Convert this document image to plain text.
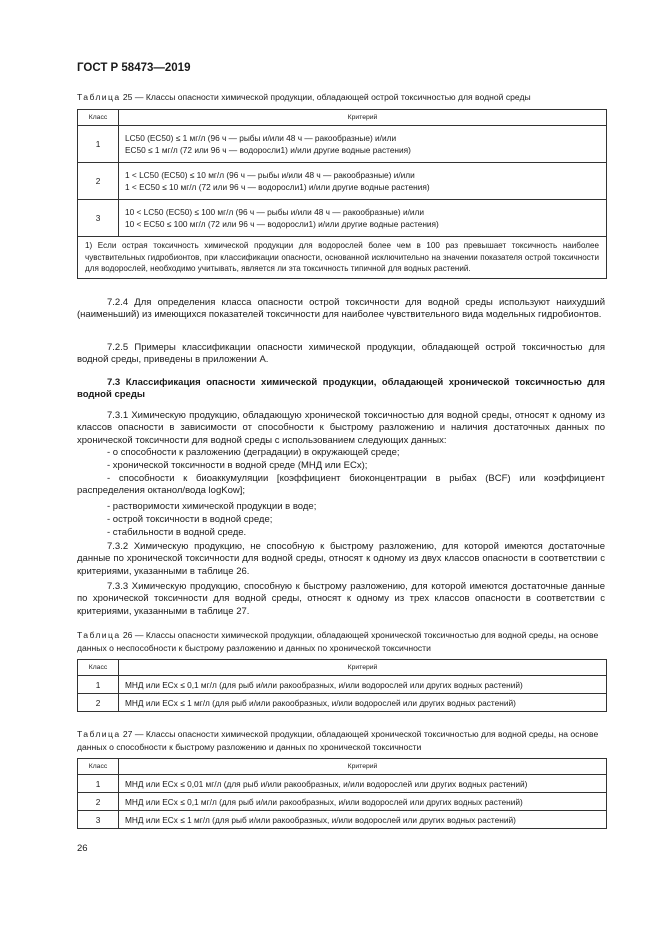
ГОСТ Р 58473—2019
Таблица 25 — Классы опасности химической продукции, обладающей острой токсичностью для водной среды
Класс	Критерий
1	LC50 (EC50) ≤ 1 мг/л (96 ч — рыбы и/или 48 ч — ракообразные) и/или
ЕС50 ≤ 1 мг/л (72 или 96 ч — водоросли1) и/или другие водные растения)

2	1 < LC50 (EC50) ≤ 10 мг/л (96 ч — рыбы и/или 48 ч — ракообразные) и/или
1 < ЕС50 ≤ 10 мг/л (72 или 96 ч — водоросли1) и/или другие водные растения)

3	10 < LC50 (EC50) ≤ 100 мг/л (96 ч — рыбы и/или 48 ч — ракообразные) и/или
10 < ЕС50 ≤ 100 мг/л (72 или 96 ч — водоросли1) и/или другие водные растения)

1) Если острая токсичность химической продукции для водорослей более чем в 100 раз превышает токсичность наиболее чувствительных гидробионтов, при классификации опасности, основанной исключительно на значении показателя острой токсичности для водорослей, необходимо учитывать, является ли эта токсичность типичной для водных растений.	
7.2.4 Для определения класса опасности острой токсичности для водной среды используют наихудший (наименьший) из имеющихся показателей токсичности для наиболее чувствительного вида модельных гидробионтов.
7.2.5 Примеры классификации опасности химической продукции, обладающей острой токсичностью для водной среды, приведены в приложении А.
7.3 Классификация опасности химической продукции, обладающей хронической токсичностью для водной среды
7.3.1 Химическую продукцию, обладающую хронической токсичностью для водной среды, относят к одному из классов опасности в зависимости от способности к быстрому разложению и наличия достаточных данных по хронической токсичности для водной среды с использованием следующих данных:
- о способности к разложению (деградации) в окружающей среде;
- хронической токсичности в водной среде (МНД или ЕСx);
- способности к биоаккумуляции [коэффициент биоконцентрации в рыбах (BCF) или коэффициент распределения октанол/вода logKow];
- растворимости химической продукции в воде;
- острой токсичности в водной среде;
- стабильности в водной среде.
7.3.2 Химическую продукцию, не способную к быстрому разложению, для которой имеются достаточные данные по хронической токсичности для водной среды, относят к одному из двух классов опасности в соответствии с критериями, указанными в таблице 26.
7.3.3 Химическую продукцию, способную к быстрому разложению, для которой имеются достаточные данные по хронической токсичности для водной среды, относят к одному из трех классов опасности в соответствии с критериями, указанными в таблице 27.
Таблица 26 — Классы опасности химической продукции, обладающей хронической токсичностью для водной среды, на основе данных о неспособности к быстрому разложению и данных по хронической токсичности
Класс	Критерий
1	МНД или ECx ≤ 0,1 мг/л (для рыб и/или ракообразных, и/или водорослей или других водных растений)
2	МНД или ECx ≤ 1 мг/л (для рыб и/или ракообразных, и/или водорослей или других водных растений)
Таблица 27 — Классы опасности химической продукции, обладающей хронической токсичностью для водной среды, на основе данных о способности к быстрому разложению и данных по хронической токсичности
Класс	Критерий
1	МНД или ECx ≤ 0,01 мг/л (для рыб и/или ракообразных, и/или водорослей или других водных растений)
2	МНД или ECx ≤ 0,1 мг/л (для рыб и/или ракообразных, и/или водорослей или других водных растений)
3	МНД или ECx ≤ 1 мг/л (для рыб и/или ракообразных, и/или водорослей или других водных растений)
26
